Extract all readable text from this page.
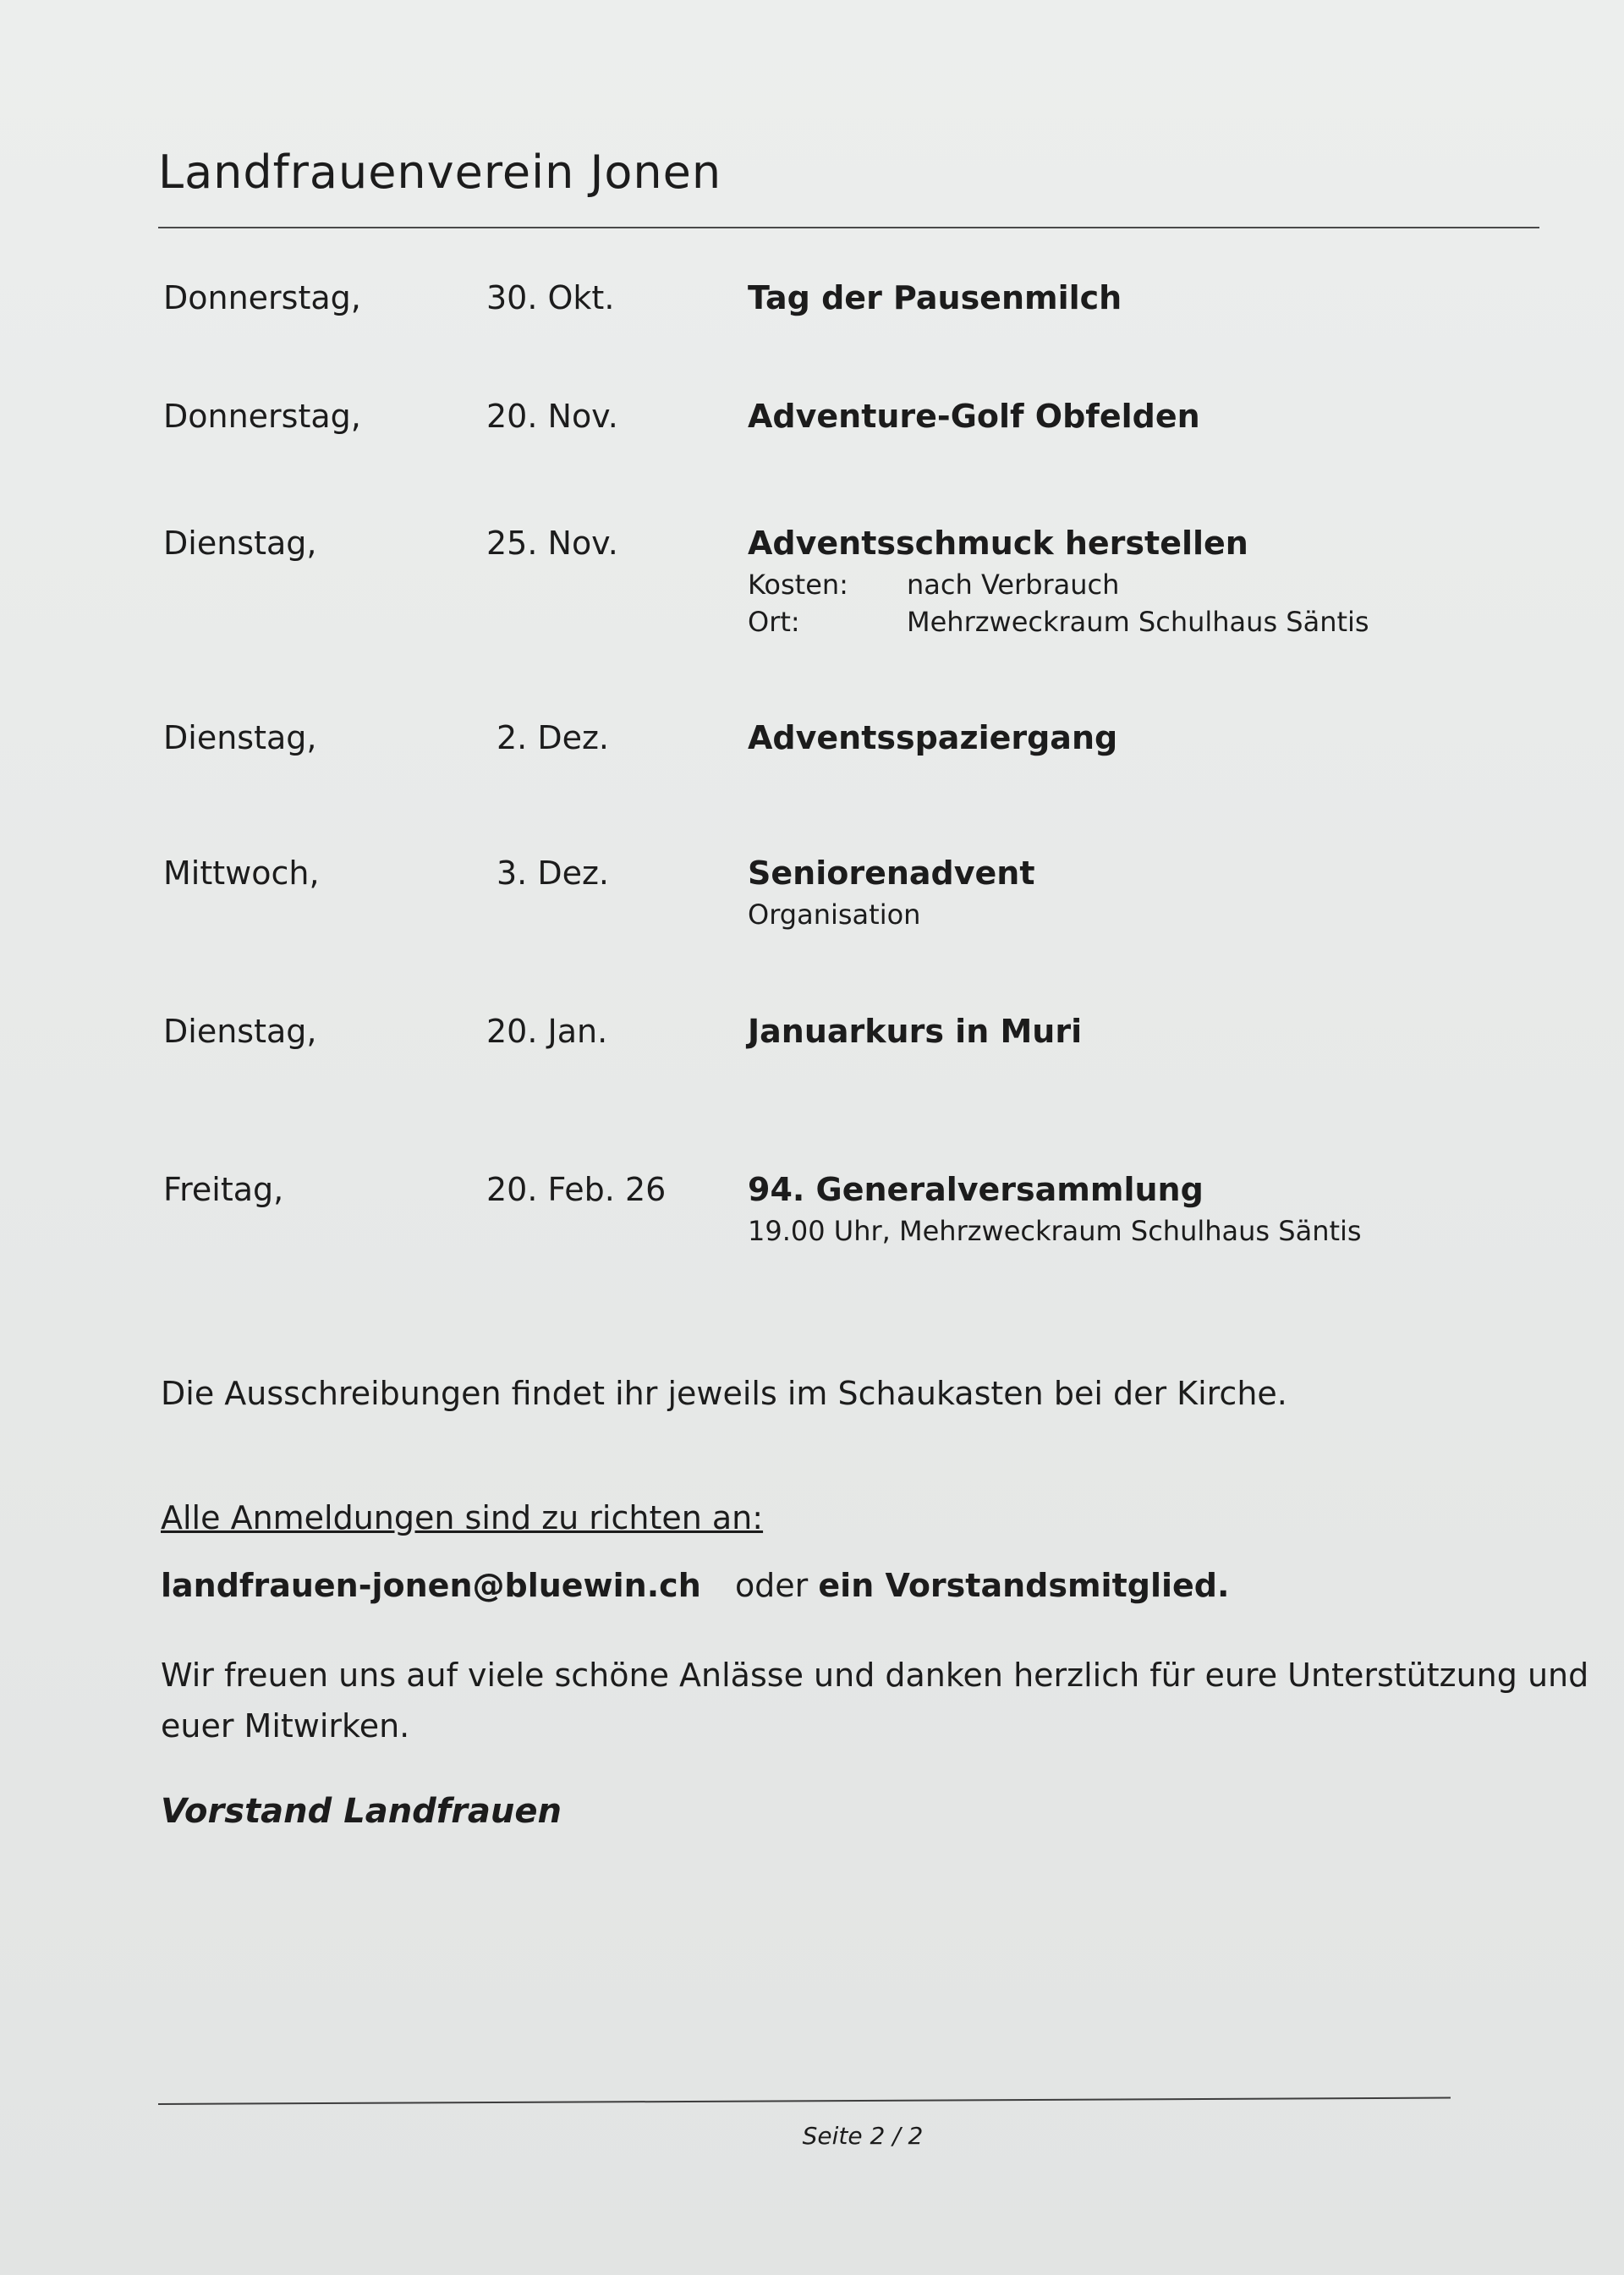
Landfrauenverein Jonen
Donnerstag,	30. Okt.	Tag der Pausenmilch
Donnerstag,	20. Nov.	Adventure-Golf Obfelden
Dienstag,	25. Nov.	Adventsschmuck herstellen
Kosten: nach Verbrauch
Ort:	Mehrzweckraum Schulhaus Säntis
Dienstag,	2. Dez.	Adventsspaziergang
Mittwoch,	3. Dez.	Seniorenadvent
Organisation
Dienstag,	20. Jan.	Januarkurs in Muri
Freitag,	20. Feb. 26	94. Generalversammlung
19.00 Uhr, Mehrzweckraum Schulhaus Säntis
Die Ausschreibungen findet ihr jeweils im Schaukasten bei der Kirche.
Alle Anmeldungen sind zu richten an:
landfrauen-jonen@bluewin.ch oder ein Vorstandsmitglied.
Wir freuen uns auf viele schöne Anlässe und danken herzlich für eure Unterstützung und
euer Mitwirken.
Vorstand Landfrauen
Seite 2 / 2
